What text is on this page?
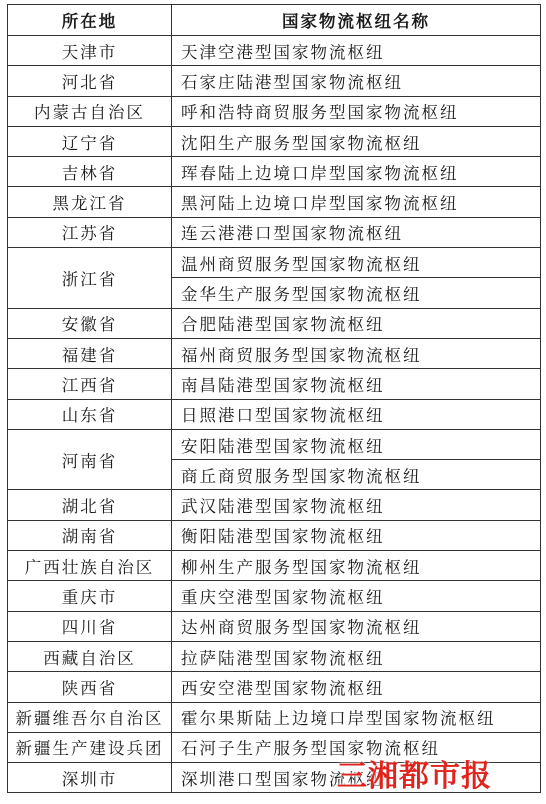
所在地	国家物流枢纽名称
天津市	天津空港型国家物流枢纽
河北省	石家庄陆港型国家物流枢纽
内蒙古自治区	呼和浩特商贸服务型国家物流枢纽
辽宁省	沈阳生产服务型国家物流枢纽
吉林省	珲春陆上边境口岸型国家物流枢纽
黑龙江省	黑河陆上边境口岸型国家物流枢纽
江苏省	连云港港口型国家物流枢纽
浙江省	温州商贸服务型国家物流枢纽
	金华生产服务型国家物流枢纽
安徽省	合肥陆港型国家物流枢纽
福建省	福州商贸服务型国家物流枢纽
江西省	南昌陆港型国家物流枢纽
山东省	日照港口型国家物流枢纽
河南省	安阳陆港型国家物流枢纽
	商丘商贸服务型国家物流枢纽
湖北省	武汉陆港型国家物流枢纽
湖南省	衡阳陆港型国家物流枢纽
广西壮族自治区	柳州生产服务型国家物流枢纽
重庆市	重庆空港型国家物流枢纽
四川省	达州商贸服务型国家物流枢纽
西藏自治区	拉萨陆港型国家物流枢纽
陕西省	西安空港型国家物流枢纽
新疆维吾尔自治区	霍尔果斯陆上边境口岸型国家物流枢纽
新疆生产建设兵团	石河子生产服务型国家物流枢纽
深圳市	深圳港口型国家物流枢纽
三湘都市报
